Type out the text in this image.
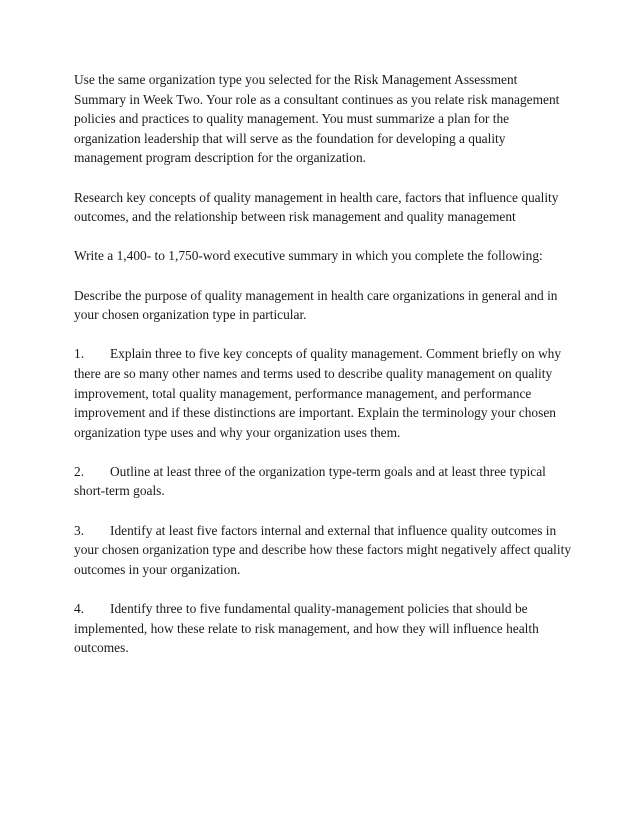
Use the same organization type you selected for the Risk Management Assessment Summary in Week Two. Your role as a consultant continues as you relate risk management policies and practices to quality management. You must summarize a plan for the organization leadership that will serve as the foundation for developing a quality management program description for the organization.

Research key concepts of quality management in health care, factors that influence quality outcomes, and the relationship between risk management and quality management

Write a 1,400- to 1,750-word executive summary in which you complete the following:

Describe the purpose of quality management in health care organizations in general and in your chosen organization type in particular.

1. Explain three to five key concepts of quality management. Comment briefly on why there are so many other names and terms used to describe quality management on quality improvement, total quality management, performance management, and performance improvement and if these distinctions are important. Explain the terminology your chosen organization type uses and why your organization uses them.

2. Outline at least three of the organization type-term goals and at least three typical short-term goals.

3. Identify at least five factors internal and external that influence quality outcomes in your chosen organization type and describe how these factors might negatively affect quality outcomes in your organization.

4. Identify three to five fundamental quality-management policies that should be implemented, how these relate to risk management, and how they will influence health outcomes.
